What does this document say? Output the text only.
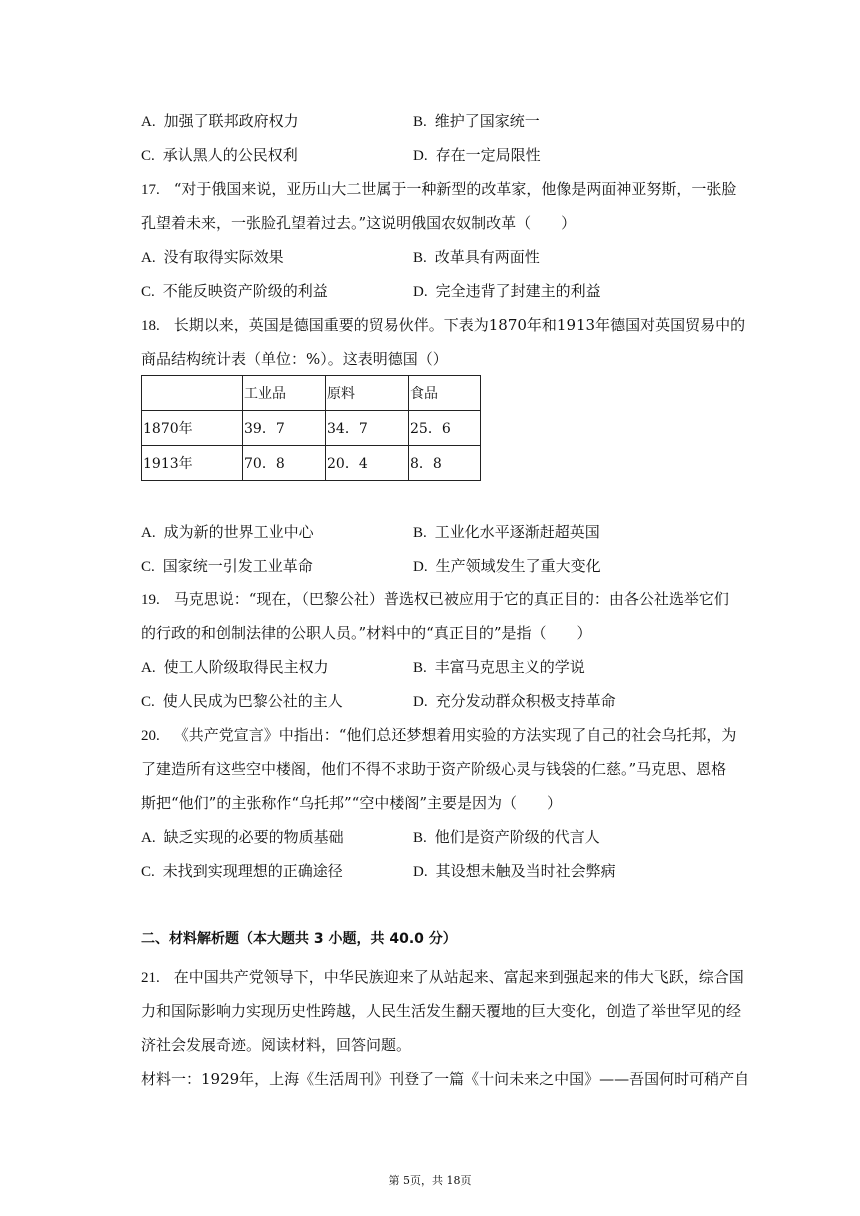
A. 加强了联邦政府权力	B. 维护了国家统一
C. 承认黑人的公民权利	D. 存在一定局限性
17. “对于俄国来说，亚历山大二世属于一种新型的改革家，他像是两面神亚努斯，一张脸
孔望着未来，一张脸孔望着过去。”这说明俄国农奴制改革（　　）
A. 没有取得实际效果	B. 改革具有两面性
C. 不能反映资产阶级的利益	D. 完全违背了封建主的利益
18. 长期以来，英国是德国重要的贸易伙伴。下表为1870年和1913年德国对英国贸易中的
商品结构统计表（单位：%）。这表明德国（）
	工业品	原料	食品
1870年	39．7	34．7	25．6
1913年	70．8	20．4	8．8
A. 成为新的世界工业中心	B. 工业化水平逐渐赶超英国
C. 国家统一引发工业革命	D. 生产领域发生了重大变化
19. 马克思说：“现在，（巴黎公社）普选权已被应用于它的真正目的：由各公社选举它们
的行政的和创制法律的公职人员。”材料中的“真正目的”是指（　　）
A. 使工人阶级取得民主权力	B. 丰富马克思主义的学说
C. 使人民成为巴黎公社的主人	D. 充分发动群众积极支持革命
20. 《共产党宣言》中指出：“他们总还梦想着用实验的方法实现了自己的社会乌托邦，为
了建造所有这些空中楼阁，他们不得不求助于资产阶级心灵与钱袋的仁慈。”马克思、恩格
斯把“他们”的主张称作“乌托邦”“空中楼阁”主要是因为（　　）
A. 缺乏实现的必要的物质基础	B. 他们是资产阶级的代言人
C. 未找到实现理想的正确途径	D. 其设想未触及当时社会弊病
二、材料解析题（本大题共 3 小题，共 40.0 分）
21. 在中国共产党领导下，中华民族迎来了从站起来、富起来到强起来的伟大飞跃，综合国
力和国际影响力实现历史性跨越，人民生活发生翻天覆地的巨大变化，创造了举世罕见的经
济社会发展奇迹。阅读材料，回答问题。
材料一：1929年，上海《生活周刊》刊登了一篇《十问未来之中国》——吾国何时可稍产自
第 5页，共 18页
